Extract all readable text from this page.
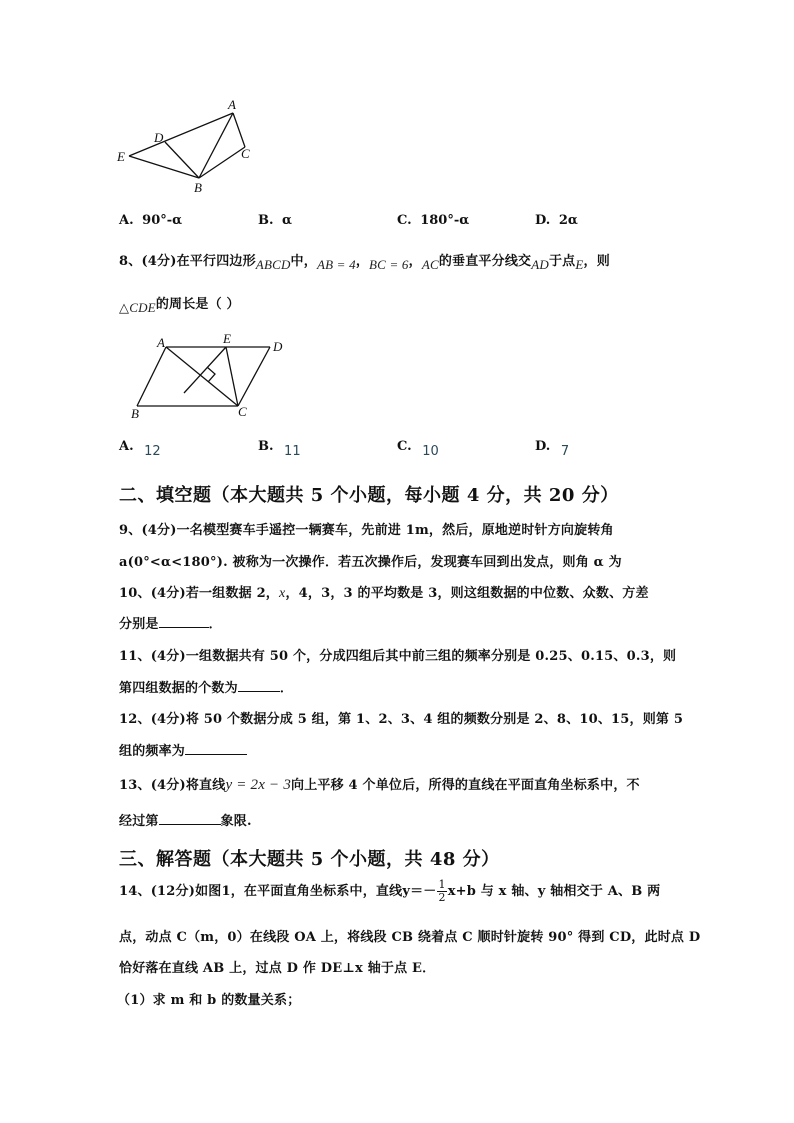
A
D
E	C
B
A. 90°-α	B. α	C. 180°-α	D. 2α
8、(4分)在平行四边形ABCD中，AB = 4，BC = 6，AC的垂直平分线交AD于点E，则
△CDE的周长是（ ）
A	E
D
B	C
A. 12	B. 11	C. 10	D. 7
二、填空题（本大题共 5 个小题，每小题 4 分，共 20 分）
9、(4分)一名模型赛车手遥控一辆赛车，先前进 1m，然后，原地逆时针方向旋转角
a(0°<α<180°). 被称为一次操作．若五次操作后，发现赛车回到出发点，则角 α 为
10、(4分)若一组数据 2，x，4，3，3 的平均数是 3，则这组数据的中位数、众数、方差
分别是	．
11、(4分)一组数据共有 50 个，分成四组后其中前三组的频率分别是 0.25、0.15、0.3，则
第四组数据的个数为	．
12、(4分)将 50 个数据分成 5 组，第 1、2、3、4 组的频数分别是 2、8、10、15，则第 5
组的频率为
13、(4分)将直线y = 2x − 3向上平移 4 个单位后，所得的直线在平面直角坐标系中，不
经过第	象限.
三、解答题（本大题共 5 个小题，共 48 分）
14、(12分)如图1，在平面直角坐标系中，直线$y=- \frac{1}{2} x+b$ 与 x 轴、y 轴相交于 A、B 两
点，动点 C（m，0）在线段 OA 上，将线段 CB 绕着点 C 顺时针旋转 90° 得到 CD，此时点 D
恰好落在直线 AB 上，过点 D 作 DE⊥x 轴于点 E．
（1）求 m 和 b 的数量关系；
